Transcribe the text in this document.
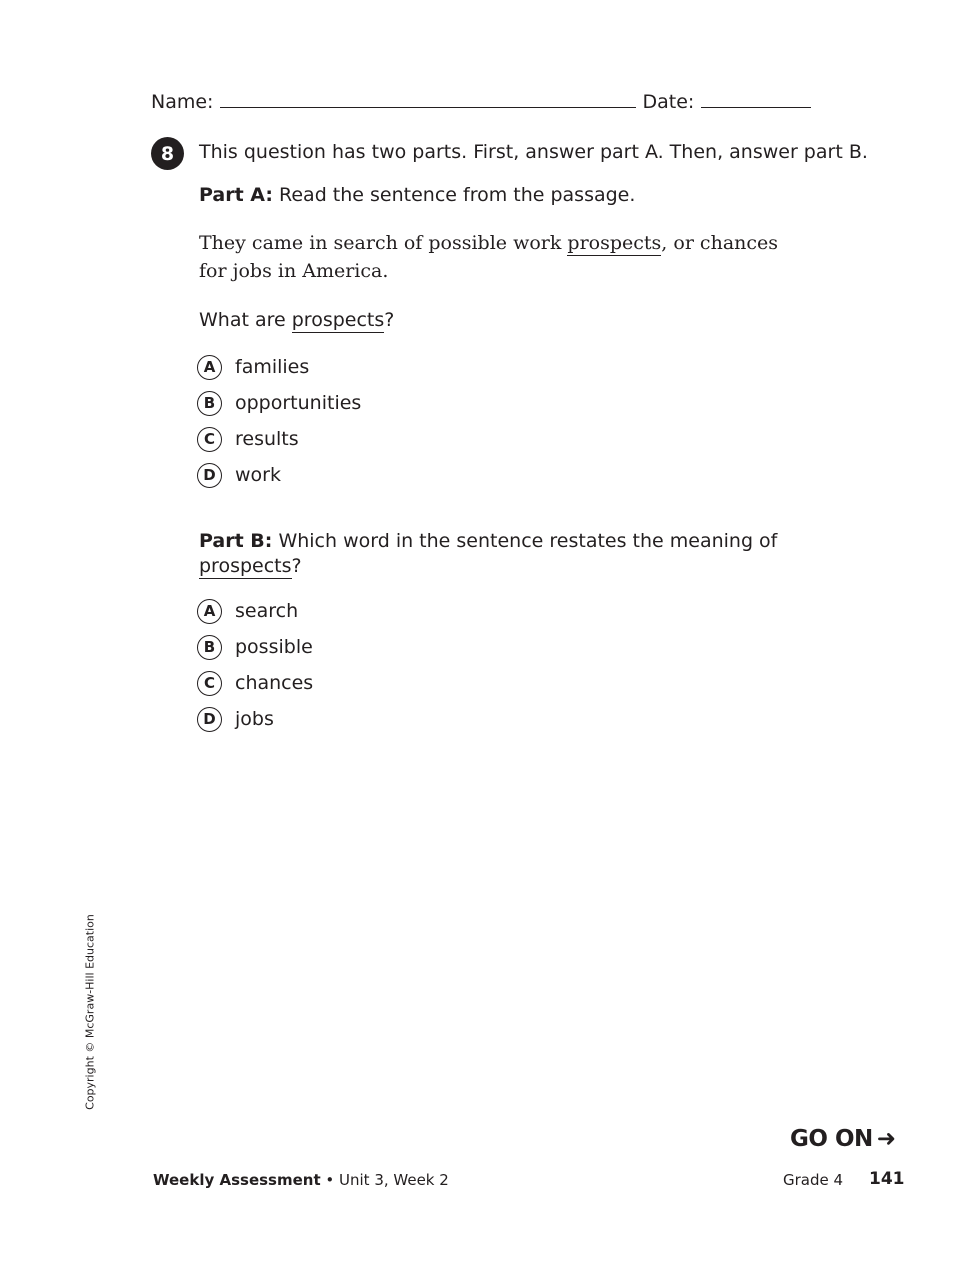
Name:	Date:
8	This question has two parts. First, answer part A. Then, answer part B.
Part A: Read the sentence from the passage.
They came in search of possible work prospects, or chances for jobs in America.
What are prospects?
A	families
B	opportunities
C	results
D	work
Part B: Which word in the sentence restates the meaning of
prospects?
A	search
B	possible
C	chances
D	jobs
Copyright © McGraw-Hill Education
GO ON ➜
Weekly Assessment • Unit 3, Week 2	Grade 4 141
